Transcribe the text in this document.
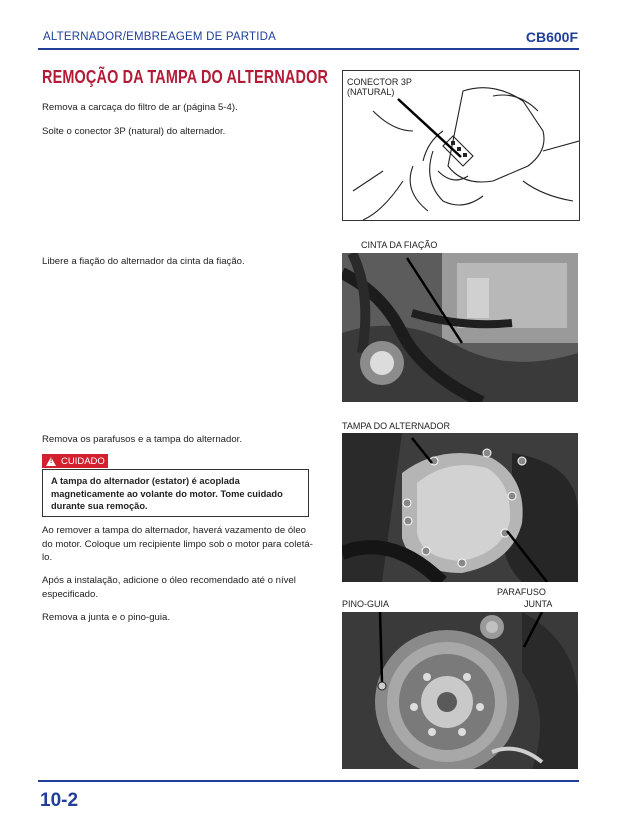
ALTERNADOR/EMBREAGEM DE PARTIDA	CB600F
REMOÇÃO DA TAMPA DO ALTERNADOR
Remova a carcaça do filtro de ar (página 5-4).
Solte o conector 3P (natural) do alternador.
Libere a fiação do alternador da cinta da fiação.
Remova os parafusos e a tampa do alternador.
! CUIDADO
A tampa do alternador (estator) é acoplada magneticamente ao volante do motor. Tome cuidado durante sua remoção.
Ao remover a tampa do alternador, haverá vazamento de óleo do motor. Coloque um recipiente limpo sob o motor para coletá-lo.
Após a instalação, adicione o óleo recomendado até o nível especificado.
Remova a junta e o pino-guia.
CONECTOR 3P
(NATURAL)
CINTA DA FIAÇÃO
TAMPA DO ALTERNADOR
PARAFUSO
PINO-GUIA	JUNTA
10-2
